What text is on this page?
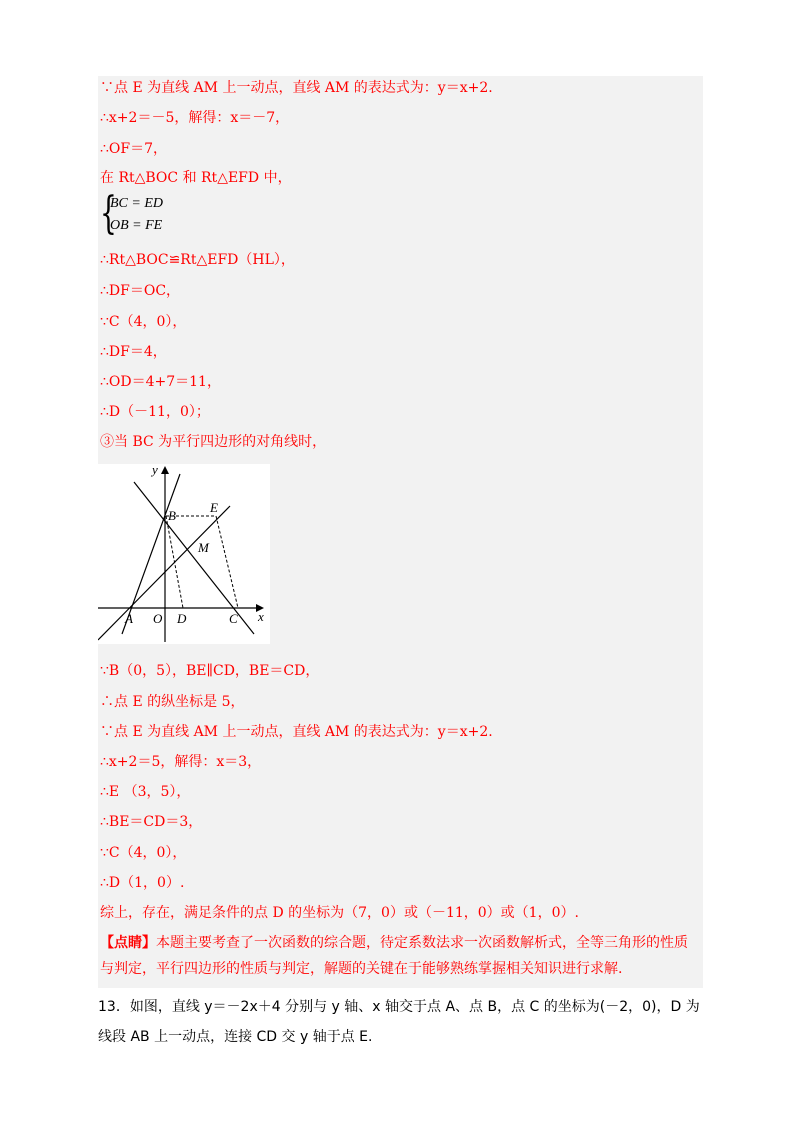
∵点 E 为直线 AM 上一动点，直线 AM 的表达式为：y＝x+2.
∴x+2＝－5，解得：x＝－7，
∴OF＝7，
在 Rt△BOC 和 Rt△EFD 中，
{
BC = ED
OB = FE
∴Rt△BOC≌Rt△EFD（HL），
∴DF＝OC，
∵C（4，0），
∴DF＝4，
∴OD＝4+7＝11，
∴D（－11，0）；
③当 BC 为平行四边形的对角线时，
y
B
E
M
A O D	C x
∵B（0，5），BE∥CD，BE＝CD，
∴点 E 的纵坐标是 5，
∵点 E 为直线 AM 上一动点，直线 AM 的表达式为：y＝x+2.
∴x+2＝5，解得：x＝3，
∴E （3，5），
∴BE＝CD＝3，
∵C（4，0），
∴D（1，0）.
综上，存在，满足条件的点 D 的坐标为（7，0）或（－11，0）或（1，0）.
【点睛】本题主要考查了一次函数的综合题，待定系数法求一次函数解析式，全等三角形的性质与判定，平行四边形的性质与判定，解题的关键在于能够熟练掌握相关知识进行求解.
13．如图，直线 y＝－2x＋4 分别与 y 轴、x 轴交于点 A、点 B，点 C 的坐标为(－2，0)，D 为
线段 AB 上一动点，连接 CD 交 y 轴于点 E.
